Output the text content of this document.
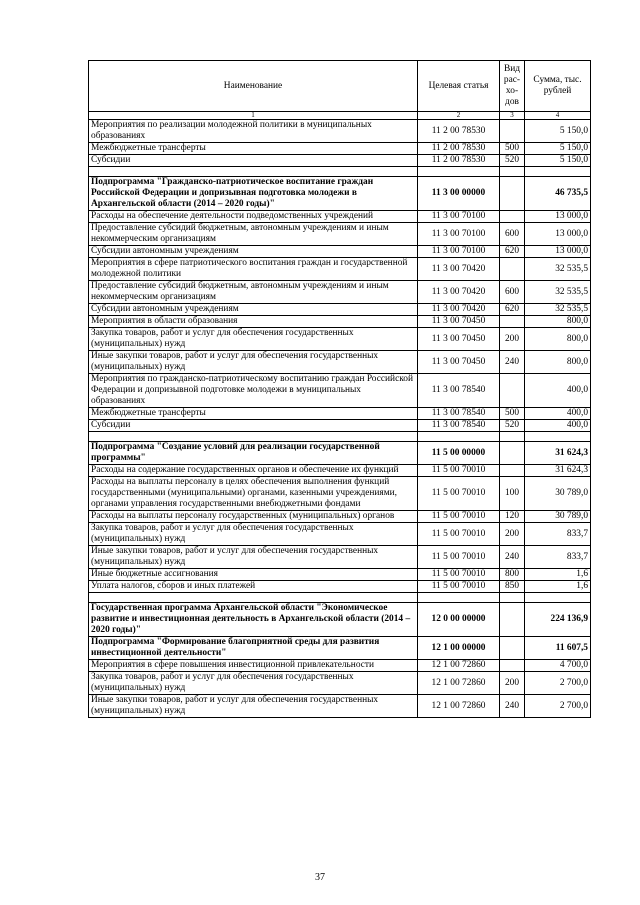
Наименование	Целевая статья	Вид рас-хо-дов	Сумма, тыс. рублей
1	2	3	4
Мероприятия по реализации молодежной политики в муниципальных образованиях	11 2 00 78530		5 150,0
Межбюджетные трансферты	11 2 00 78530	500	5 150,0
Субсидии	11 2 00 78530	520	5 150,0

Подпрограмма "Гражданско-патриотическое воспитание граждан Российской Федерации и допризывная подготовка молодежи в Архангельской области (2014 – 2020 годы)"	11 3 00 00000		46 735,5
Расходы на обеспечение деятельности подведомственных учреждений	11 3 00 70100		13 000,0
Предоставление субсидий бюджетным, автономным учреждениям и иным некоммерческим организациям	11 3 00 70100	600	13 000,0
Субсидии автономным учреждениям	11 3 00 70100	620	13 000,0
Мероприятия в сфере патриотического воспитания граждан и государственной молодежной политики	11 3 00 70420		32 535,5
Предоставление субсидий бюджетным, автономным учреждениям и иным некоммерческим организациям	11 3 00 70420	600	32 535,5
Субсидии автономным учреждениям	11 3 00 70420	620	32 535,5
Мероприятия в области образования	11 3 00 70450		800,0
Закупка товаров, работ и услуг для обеспечения государственных (муниципальных) нужд	11 3 00 70450	200	800,0
Иные закупки товаров, работ и услуг для обеспечения государственных (муниципальных) нужд	11 3 00 70450	240	800,0
Мероприятия по гражданско-патриотическому воспитанию граждан Российской Федерации и допризывной подготовке молодежи в муниципальных образованиях	11 3 00 78540		400,0
Межбюджетные трансферты	11 3 00 78540	500	400,0
Субсидии	11 3 00 78540	520	400,0

Подпрограмма "Создание условий для реализации государственной программы"	11 5 00 00000		31 624,3
Расходы на содержание государственных органов и обеспечение их функций	11 5 00 70010		31 624,3
Расходы на выплаты персоналу в целях обеспечения выполнения функций государственными (муниципальными) органами, казенными учреждениями, органами управления государственными внебюджетными фондами	11 5 00 70010	100	30 789,0
Расходы на выплаты персоналу государственных (муниципальных) органов	11 5 00 70010	120	30 789,0
Закупка товаров, работ и услуг для обеспечения государственных (муниципальных) нужд	11 5 00 70010	200	833,7
Иные закупки товаров, работ и услуг для обеспечения государственных (муниципальных) нужд	11 5 00 70010	240	833,7
Иные бюджетные ассигнования	11 5 00 70010	800	1,6
Уплата налогов, сборов и иных платежей	11 5 00 70010	850	1,6

Государственная программа Архангельской области "Экономическое развитие и инвестиционная деятельность в Архангельской области (2014 – 2020 годы)"	12 0 00 00000		224 136,9
Подпрограмма "Формирование благоприятной среды для развития инвестиционной деятельности"	12 1 00 00000		11 607,5
Мероприятия в сфере повышения инвестиционной привлекательности	12 1 00 72860		4 700,0
Закупка товаров, работ и услуг для обеспечения государственных (муниципальных) нужд	12 1 00 72860	200	2 700,0
Иные закупки товаров, работ и услуг для обеспечения государственных (муниципальных) нужд	12 1 00 72860	240	2 700,0
37
